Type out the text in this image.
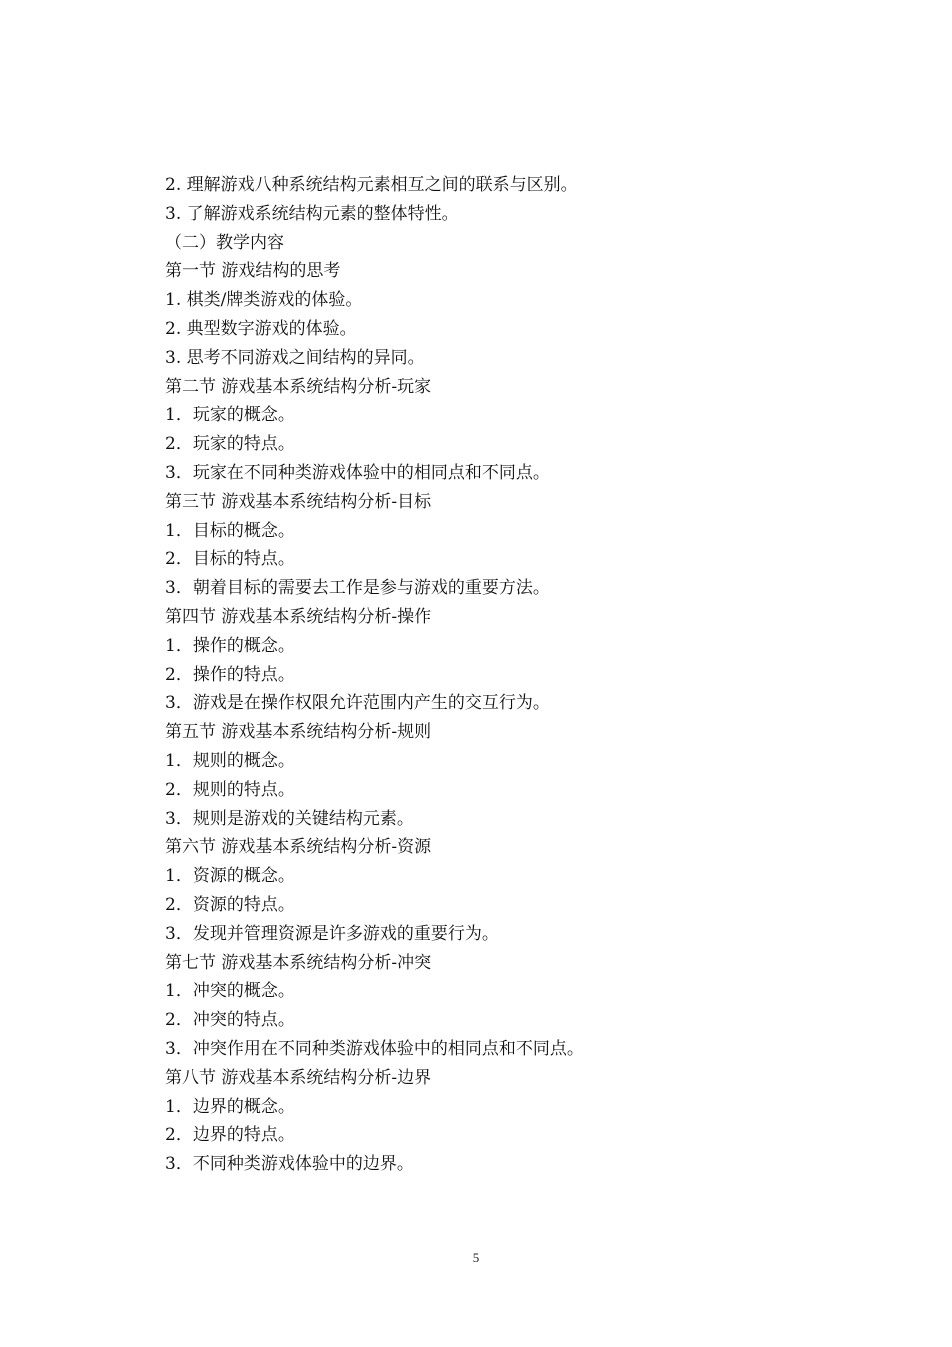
2. 理解游戏八种系统结构元素相互之间的联系与区别。
3. 了解游戏系统结构元素的整体特性。
（二）教学内容
第一节 游戏结构的思考
1. 棋类/牌类游戏的体验。
2. 典型数字游戏的体验。
3. 思考不同游戏之间结构的异同。
第二节 游戏基本系统结构分析-玩家
1．玩家的概念。
2．玩家的特点。
3．玩家在不同种类游戏体验中的相同点和不同点。
第三节 游戏基本系统结构分析-目标
1．目标的概念。
2．目标的特点。
3．朝着目标的需要去工作是参与游戏的重要方法。
第四节 游戏基本系统结构分析-操作
1．操作的概念。
2．操作的特点。
3．游戏是在操作权限允许范围内产生的交互行为。
第五节 游戏基本系统结构分析-规则
1．规则的概念。
2．规则的特点。
3．规则是游戏的关键结构元素。
第六节 游戏基本系统结构分析-资源
1．资源的概念。
2．资源的特点。
3．发现并管理资源是许多游戏的重要行为。
第七节 游戏基本系统结构分析-冲突
1．冲突的概念。
2．冲突的特点。
3．冲突作用在不同种类游戏体验中的相同点和不同点。
第八节 游戏基本系统结构分析-边界
1．边界的概念。
2．边界的特点。
3．不同种类游戏体验中的边界。
5
